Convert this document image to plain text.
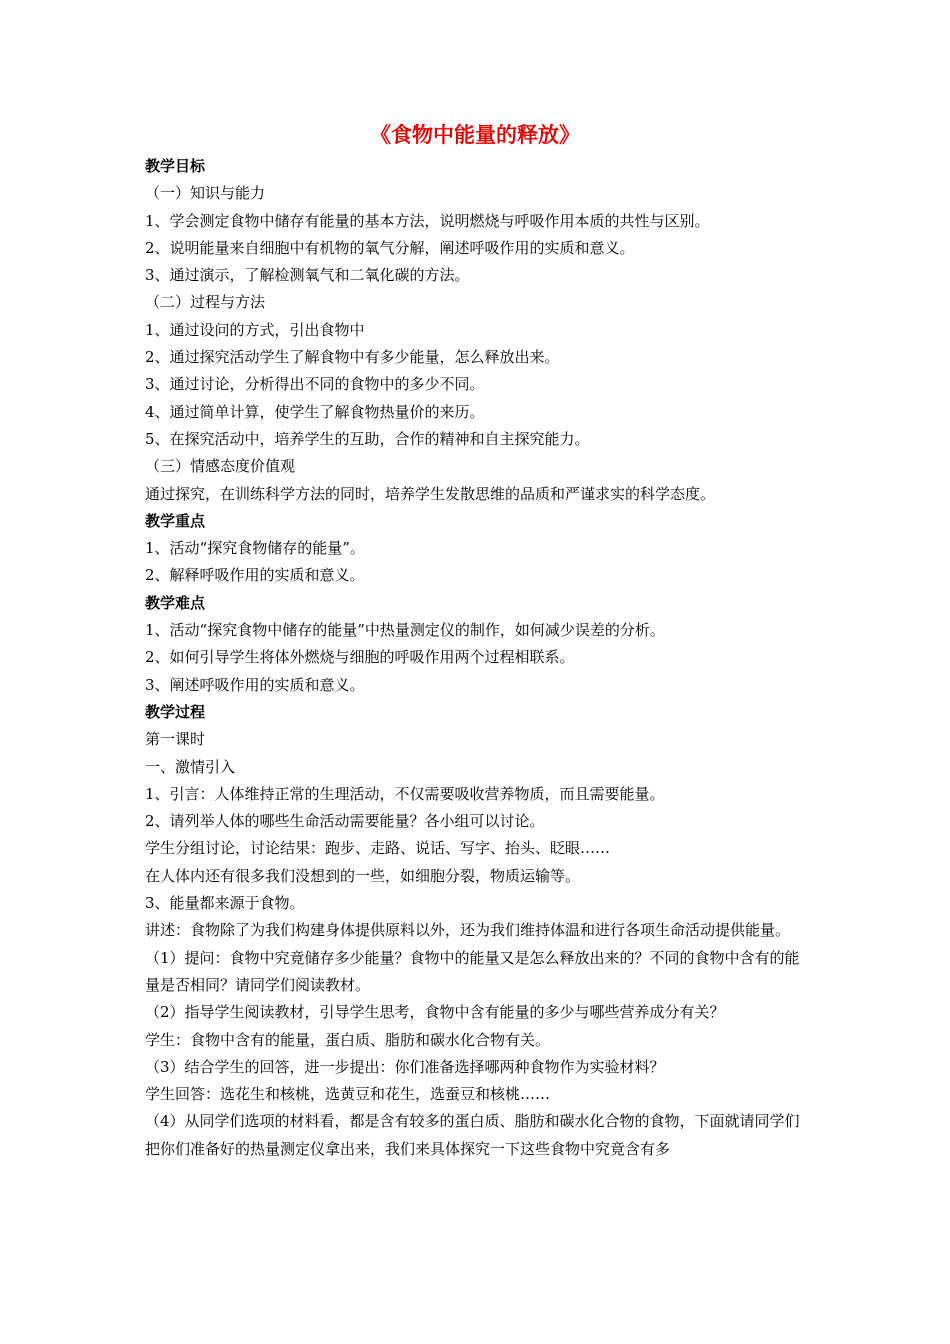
《食物中能量的释放》

教学目标

（一）知识与能力

1、学会测定食物中储存有能量的基本方法，说明燃烧与呼吸作用本质的共性与区别。

2、说明能量来自细胞中有机物的氧气分解，阐述呼吸作用的实质和意义。

3、通过演示，了解检测氧气和二氧化碳的方法。

（二）过程与方法

1、通过设问的方式，引出食物中

2、通过探究活动学生了解食物中有多少能量，怎么释放出来。

3、通过讨论，分析得出不同的食物中的多少不同。

4、通过简单计算，使学生了解食物热量价的来历。

5、在探究活动中，培养学生的互助，合作的精神和自主探究能力。

（三）情感态度价值观

通过探究，在训练科学方法的同时，培养学生发散思维的品质和严谨求实的科学态度。

教学重点

1、活动“探究食物储存的能量”。

2、解释呼吸作用的实质和意义。

教学难点

1、活动“探究食物中储存的能量”中热量测定仪的制作，如何减少误差的分析。

2、如何引导学生将体外燃烧与细胞的呼吸作用两个过程相联系。

3、阐述呼吸作用的实质和意义。

教学过程

第一课时

一、激情引入

1、引言：人体维持正常的生理活动，不仅需要吸收营养物质，而且需要能量。

2、请列举人体的哪些生命活动需要能量？各小组可以讨论。

学生分组讨论，讨论结果：跑步、走路、说话、写字、抬头、眨眼……

在人体内还有很多我们没想到的一些，如细胞分裂，物质运输等。

3、能量都来源于食物。

讲述：食物除了为我们构建身体提供原料以外，还为我们维持体温和进行各项生命活动提供能量。

（1）提问：食物中究竟储存多少能量？食物中的能量又是怎么释放出来的？不同的食物中含有的能量是否相同？请同学们阅读教材。

（2）指导学生阅读教材，引导学生思考，食物中含有能量的多少与哪些营养成分有关？

学生：食物中含有的能量，蛋白质、脂肪和碳水化合物有关。

（3）结合学生的回答，进一步提出：你们准备选择哪两种食物作为实验材料？

学生回答：选花生和核桃，选黄豆和花生，选蚕豆和核桃……

（4）从同学们选项的材料看，都是含有较多的蛋白质、脂肪和碳水化合物的食物，下面就请同学们把你们准备好的热量测定仪拿出来，我们来具体探究一下这些食物中究竟含有多
